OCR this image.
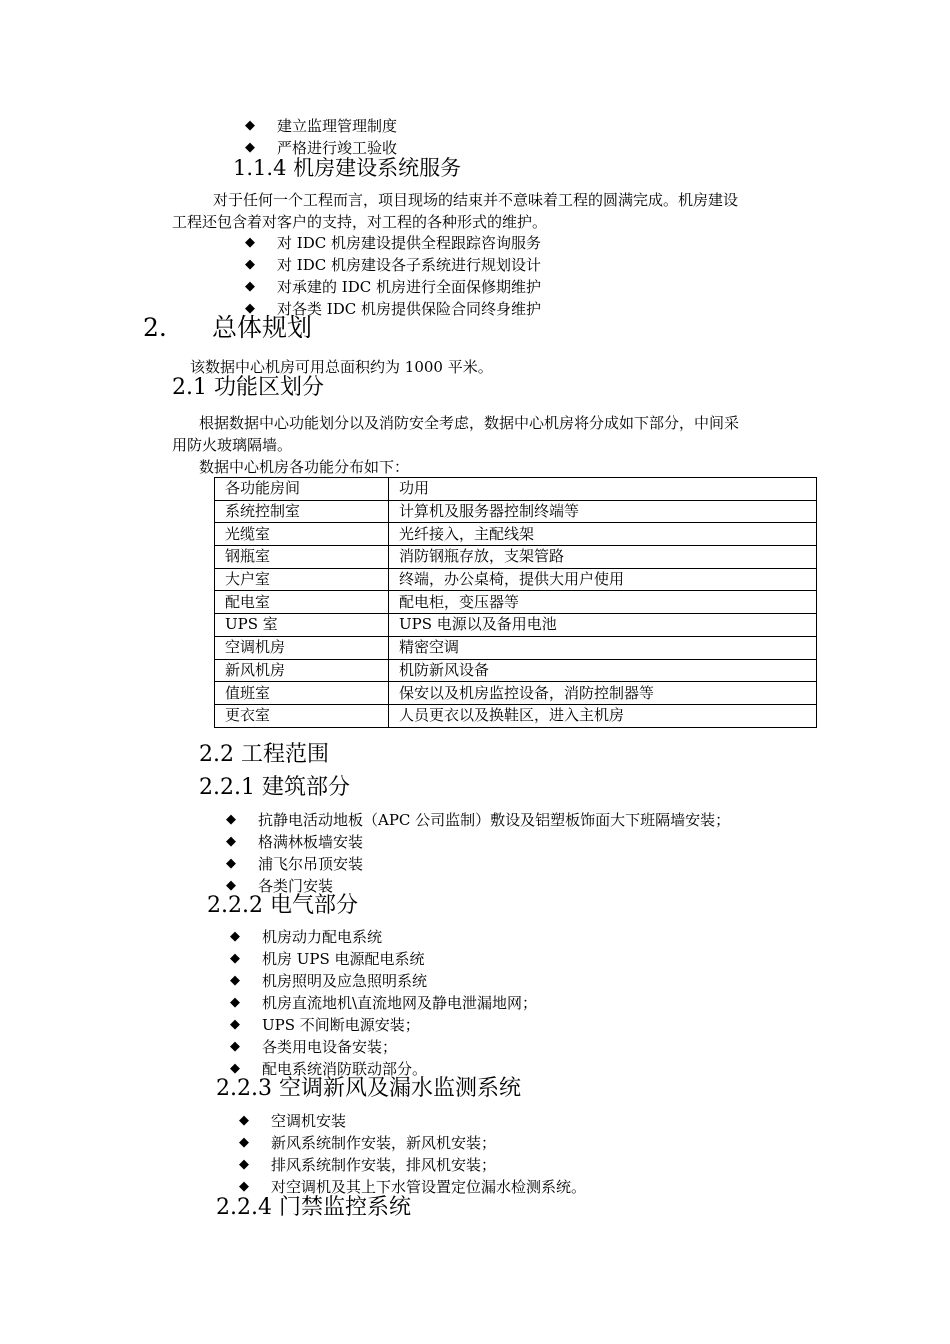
◆	建立监理管理制度
◆	严格进行竣工验收
1.1.4 机房建设系统服务
对于任何一个工程而言，项目现场的结束并不意味着工程的圆满完成。机房建设
工程还包含着对客户的支持，对工程的各种形式的维护。
◆	对 IDC 机房建设提供全程跟踪咨询服务
◆	对 IDC 机房建设各子系统进行规划设计
◆	对承建的 IDC 机房进行全面保修期维护
◆	对各类 IDC 机房提供保险合同终身维护
2. 总体规划
该数据中心机房可用总面积约为 1000 平米。
2.1 功能区划分
根据数据中心功能划分以及消防安全考虑，数据中心机房将分成如下部分，中间采
用防火玻璃隔墙。
数据中心机房各功能分布如下：
各功能房间	功用
系统控制室	计算机及服务器控制终端等
光缆室	光纤接入，主配线架
钢瓶室	消防钢瓶存放，支架管路
大户室	终端，办公桌椅，提供大用户使用
配电室	配电柜，变压器等
UPS 室	UPS 电源以及备用电池
空调机房	精密空调
新风机房	机防新风设备
值班室	保安以及机房监控设备，消防控制器等
更衣室	人员更衣以及换鞋区，进入主机房
2.2 工程范围
2.2.1 建筑部分
◆	抗静电活动地板（APC 公司监制）敷设及铝塑板饰面大下班隔墙安装；
◆	格满林板墙安装
◆	浦飞尔吊顶安装
◆	各类门安装
2.2.2 电气部分
◆	机房动力配电系统
◆	机房 UPS 电源配电系统
◆	机房照明及应急照明系统
◆	机房直流地机\直流地网及静电泄漏地网；
◆	UPS 不间断电源安装；
◆	各类用电设备安装；
◆	配电系统消防联动部分。
2.2.3 空调新风及漏水监测系统
◆	空调机安装
◆	新风系统制作安装，新风机安装；
◆	排风系统制作安装，排风机安装；
◆	对空调机及其上下水管设置定位漏水检测系统。
2.2.4 门禁监控系统
